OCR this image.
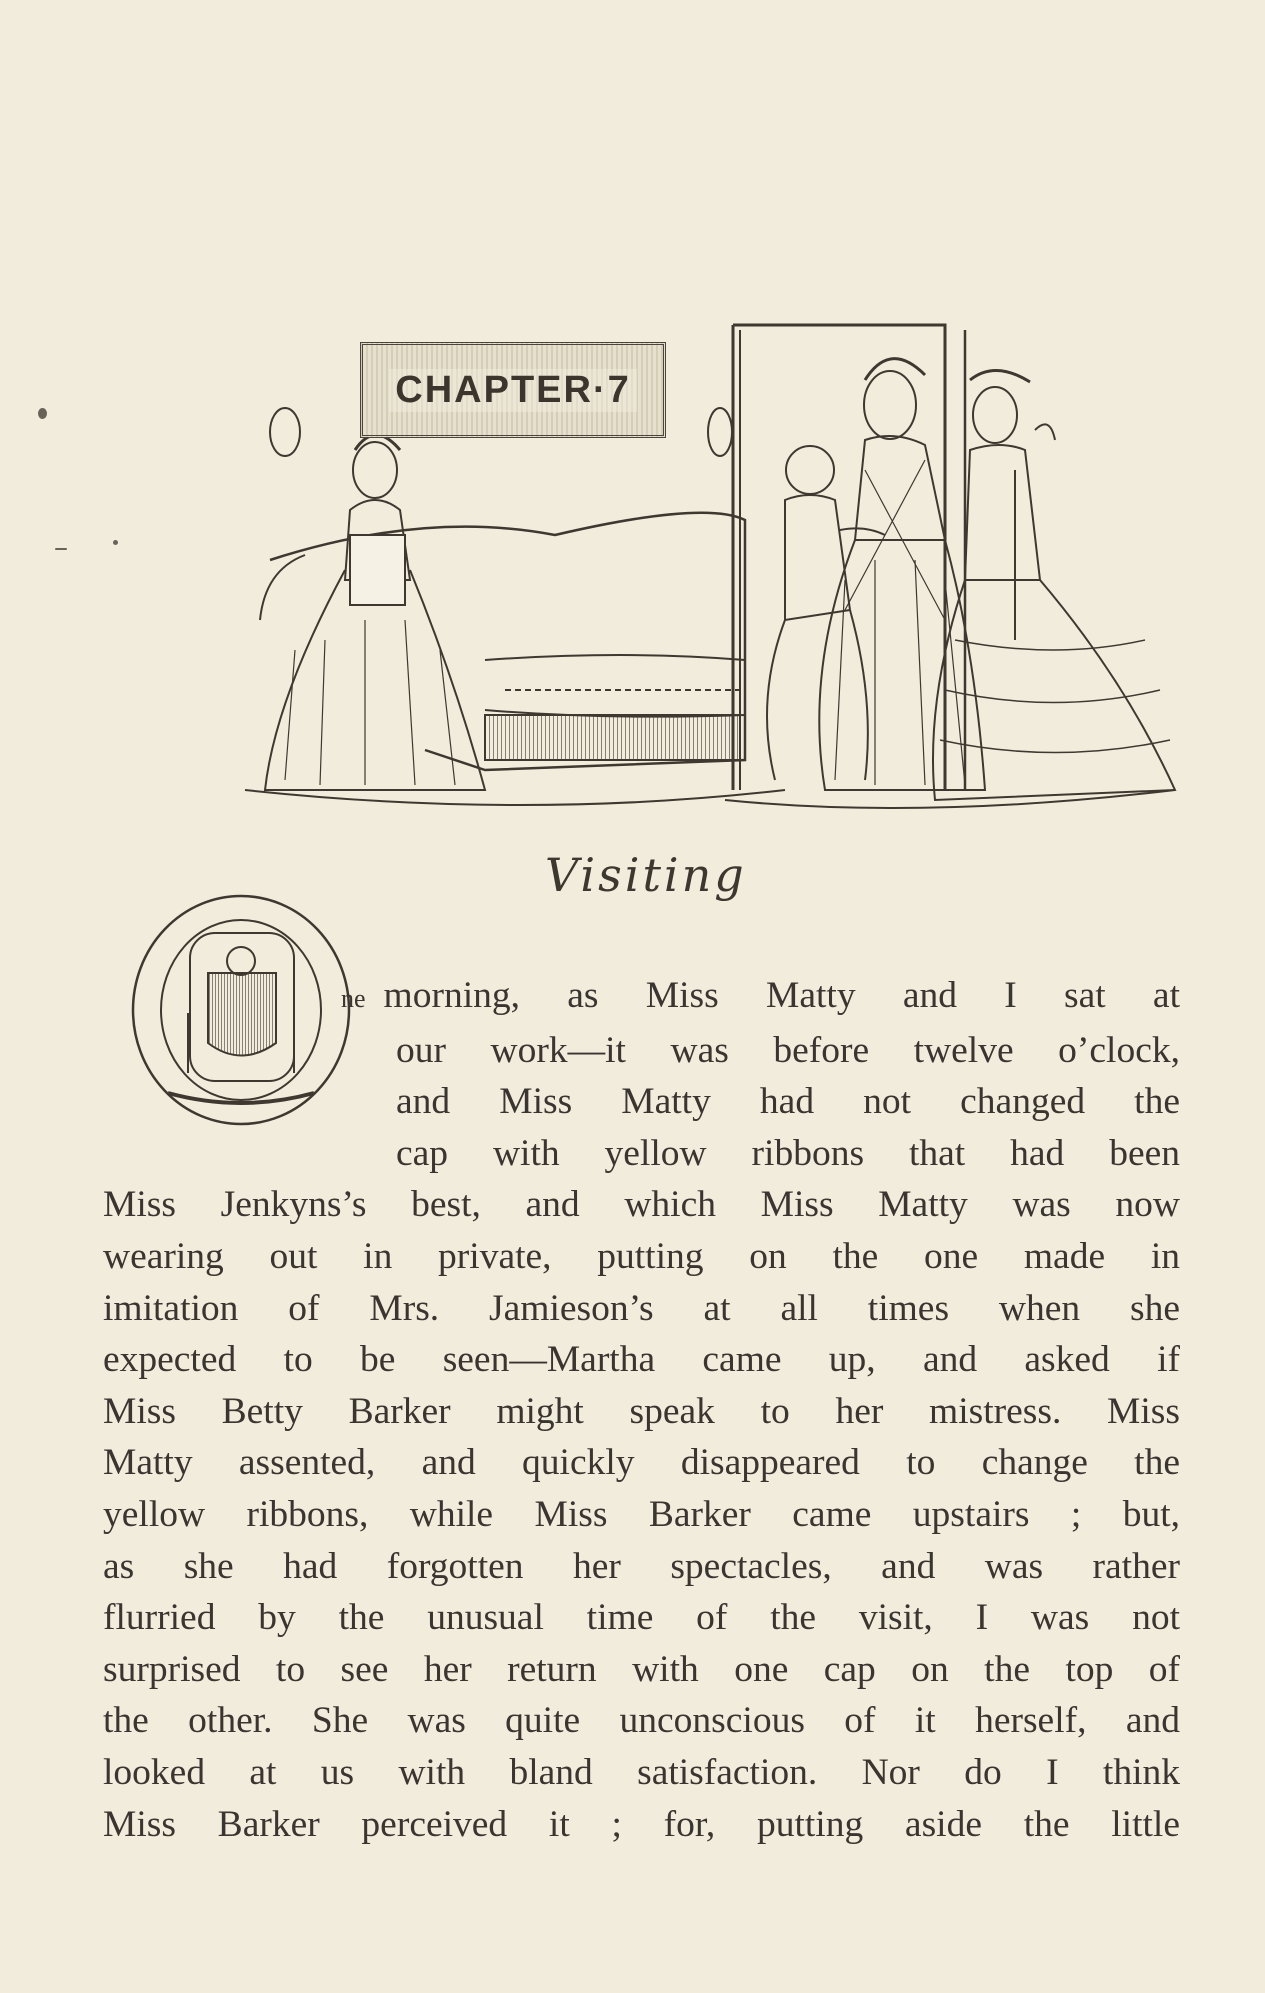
CHAPTER·7
Visiting
O
ne morning, as Miss Matty and I sat at
our work—it was before twelve o’clock,
and Miss Matty had not changed the
cap with yellow ribbons that had been
Miss Jenkyns’s best, and which Miss Matty was now
wearing out in private, putting on the one made in
imitation of Mrs. Jamieson’s at all times when she
expected to be seen—Martha came up, and asked if
Miss Betty Barker might speak to her mistress. Miss
Matty assented, and quickly disappeared to change the
yellow ribbons, while Miss Barker came upstairs ; but,
as she had forgotten her spectacles, and was rather
flurried by the unusual time of the visit, I was not
surprised to see her return with one cap on the top of
the other. She was quite unconscious of it herself, and
looked at us with bland satisfaction. Nor do I think
Miss Barker perceived it ; for, putting aside the little
